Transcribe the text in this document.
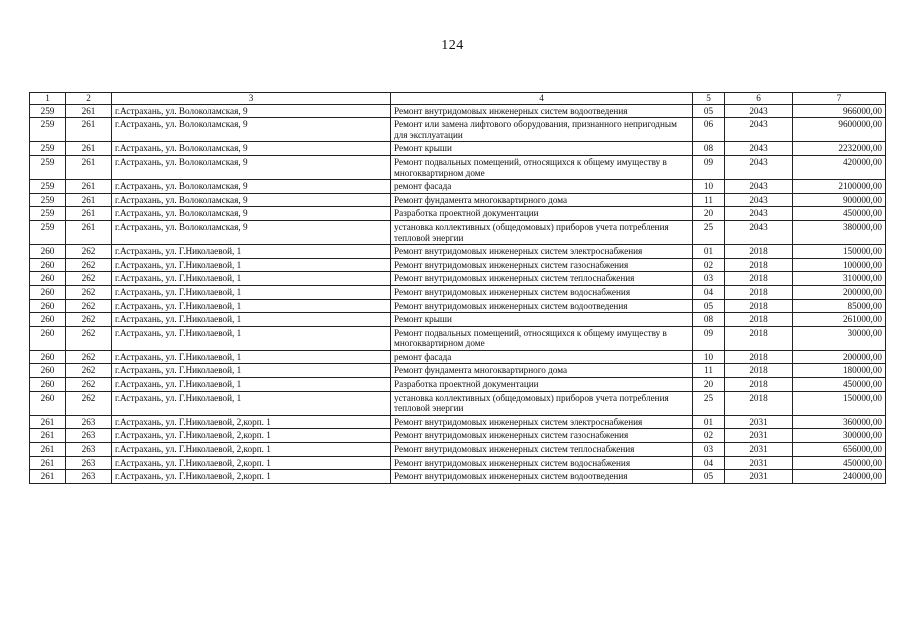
124
1	2	3	4	5	6	7
259	261	г.Астрахань, ул. Волоколамская, 9	Ремонт внутридомовых инженерных систем водоотведения	05	2043	966000,00
259	261	г.Астрахань, ул. Волоколамская, 9	Ремонт или замена лифтового оборудования, признанного непригодным для эксплуатации	06	2043	9600000,00
259	261	г.Астрахань, ул. Волоколамская, 9	Ремонт крыши	08	2043	2232000,00
259	261	г.Астрахань, ул. Волоколамская, 9	Ремонт подвальных помещений, относящихся к общему имуществу в многоквартирном доме	09	2043	420000,00
259	261	г.Астрахань, ул. Волоколамская, 9	ремонт фасада	10	2043	2100000,00
259	261	г.Астрахань, ул. Волоколамская, 9	Ремонт фундамента многоквартирного дома	11	2043	900000,00
259	261	г.Астрахань, ул. Волоколамская, 9	Разработка проектной документации	20	2043	450000,00
259	261	г.Астрахань, ул. Волоколамская, 9	установка коллективных (общедомовых) приборов учета потребления тепловой энергии	25	2043	380000,00
260	262	г.Астрахань, ул. Г.Николаевой, 1	Ремонт внутридомовых инженерных систем электроснабжения	01	2018	150000,00
260	262	г.Астрахань, ул. Г.Николаевой, 1	Ремонт внутридомовых инженерных систем газоснабжения	02	2018	100000,00
260	262	г.Астрахань, ул. Г.Николаевой, 1	Ремонт внутридомовых инженерных систем теплоснабжения	03	2018	310000,00
260	262	г.Астрахань, ул. Г.Николаевой, 1	Ремонт внутридомовых инженерных систем водоснабжения	04	2018	200000,00
260	262	г.Астрахань, ул. Г.Николаевой, 1	Ремонт внутридомовых инженерных систем водоотведения	05	2018	85000,00
260	262	г.Астрахань, ул. Г.Николаевой, 1	Ремонт крыши	08	2018	261000,00
260	262	г.Астрахань, ул. Г.Николаевой, 1	Ремонт подвальных помещений, относящихся к общему имуществу в многоквартирном доме	09	2018	30000,00
260	262	г.Астрахань, ул. Г.Николаевой, 1	ремонт фасада	10	2018	200000,00
260	262	г.Астрахань, ул. Г.Николаевой, 1	Ремонт фундамента многоквартирного дома	11	2018	180000,00
260	262	г.Астрахань, ул. Г.Николаевой, 1	Разработка проектной документации	20	2018	450000,00
260	262	г.Астрахань, ул. Г.Николаевой, 1	установка коллективных (общедомовых) приборов учета потребления тепловой энергии	25	2018	150000,00
261	263	г.Астрахань, ул. Г.Николаевой, 2,корп. 1	Ремонт внутридомовых инженерных систем электроснабжения	01	2031	360000,00
261	263	г.Астрахань, ул. Г.Николаевой, 2,корп. 1	Ремонт внутридомовых инженерных систем газоснабжения	02	2031	300000,00
261	263	г.Астрахань, ул. Г.Николаевой, 2,корп. 1	Ремонт внутридомовых инженерных систем теплоснабжения	03	2031	656000,00
261	263	г.Астрахань, ул. Г.Николаевой, 2,корп. 1	Ремонт внутридомовых инженерных систем водоснабжения	04	2031	450000,00
261	263	г.Астрахань, ул. Г.Николаевой, 2,корп. 1	Ремонт внутридомовых инженерных систем водоотведения	05	2031	240000,00
